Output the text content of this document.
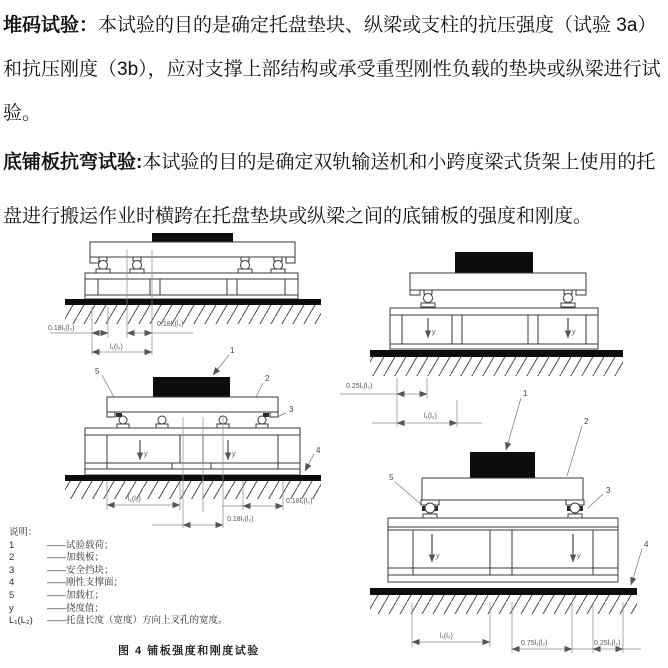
堆码试验：本试验的目的是确定托盘垫块、纵梁或支柱的抗压强度（试验 3a）
和抗压刚度（3b），应对支撑上部结构或承受重型刚性负载的垫块或纵梁进行试
验。
底铺板抗弯试验:本试验的目的是确定双轨输送机和小跨度梁式货架上使用的托
盘进行搬运作业时横跨在托盘垫块或纵梁之间的底铺板的强度和刚度。
0.18l₁(l₂)
0.18l₁(l₂)
l₁(l₂)
y	y
0.25l₁(l₂)
l₁(l₂)
5
1
2
3
4
y	y
l₁(l₂)	0.18l₁(l₂)
0.18l₁(l₂)
1
2
5
3
4
y	y
l₁(l₂)
0.75l₁(l₂)	0.25l₁(l₂)
说明：
1	——试验载荷；
2	——加载板；
3	——安全挡块；
4	——刚性支撑面；
5	——加载杠；
y	——挠度值；
L₁(L₂)	——托盘长度（宽度）方向上叉孔的宽度。
图 4 铺板强度和刚度试验
